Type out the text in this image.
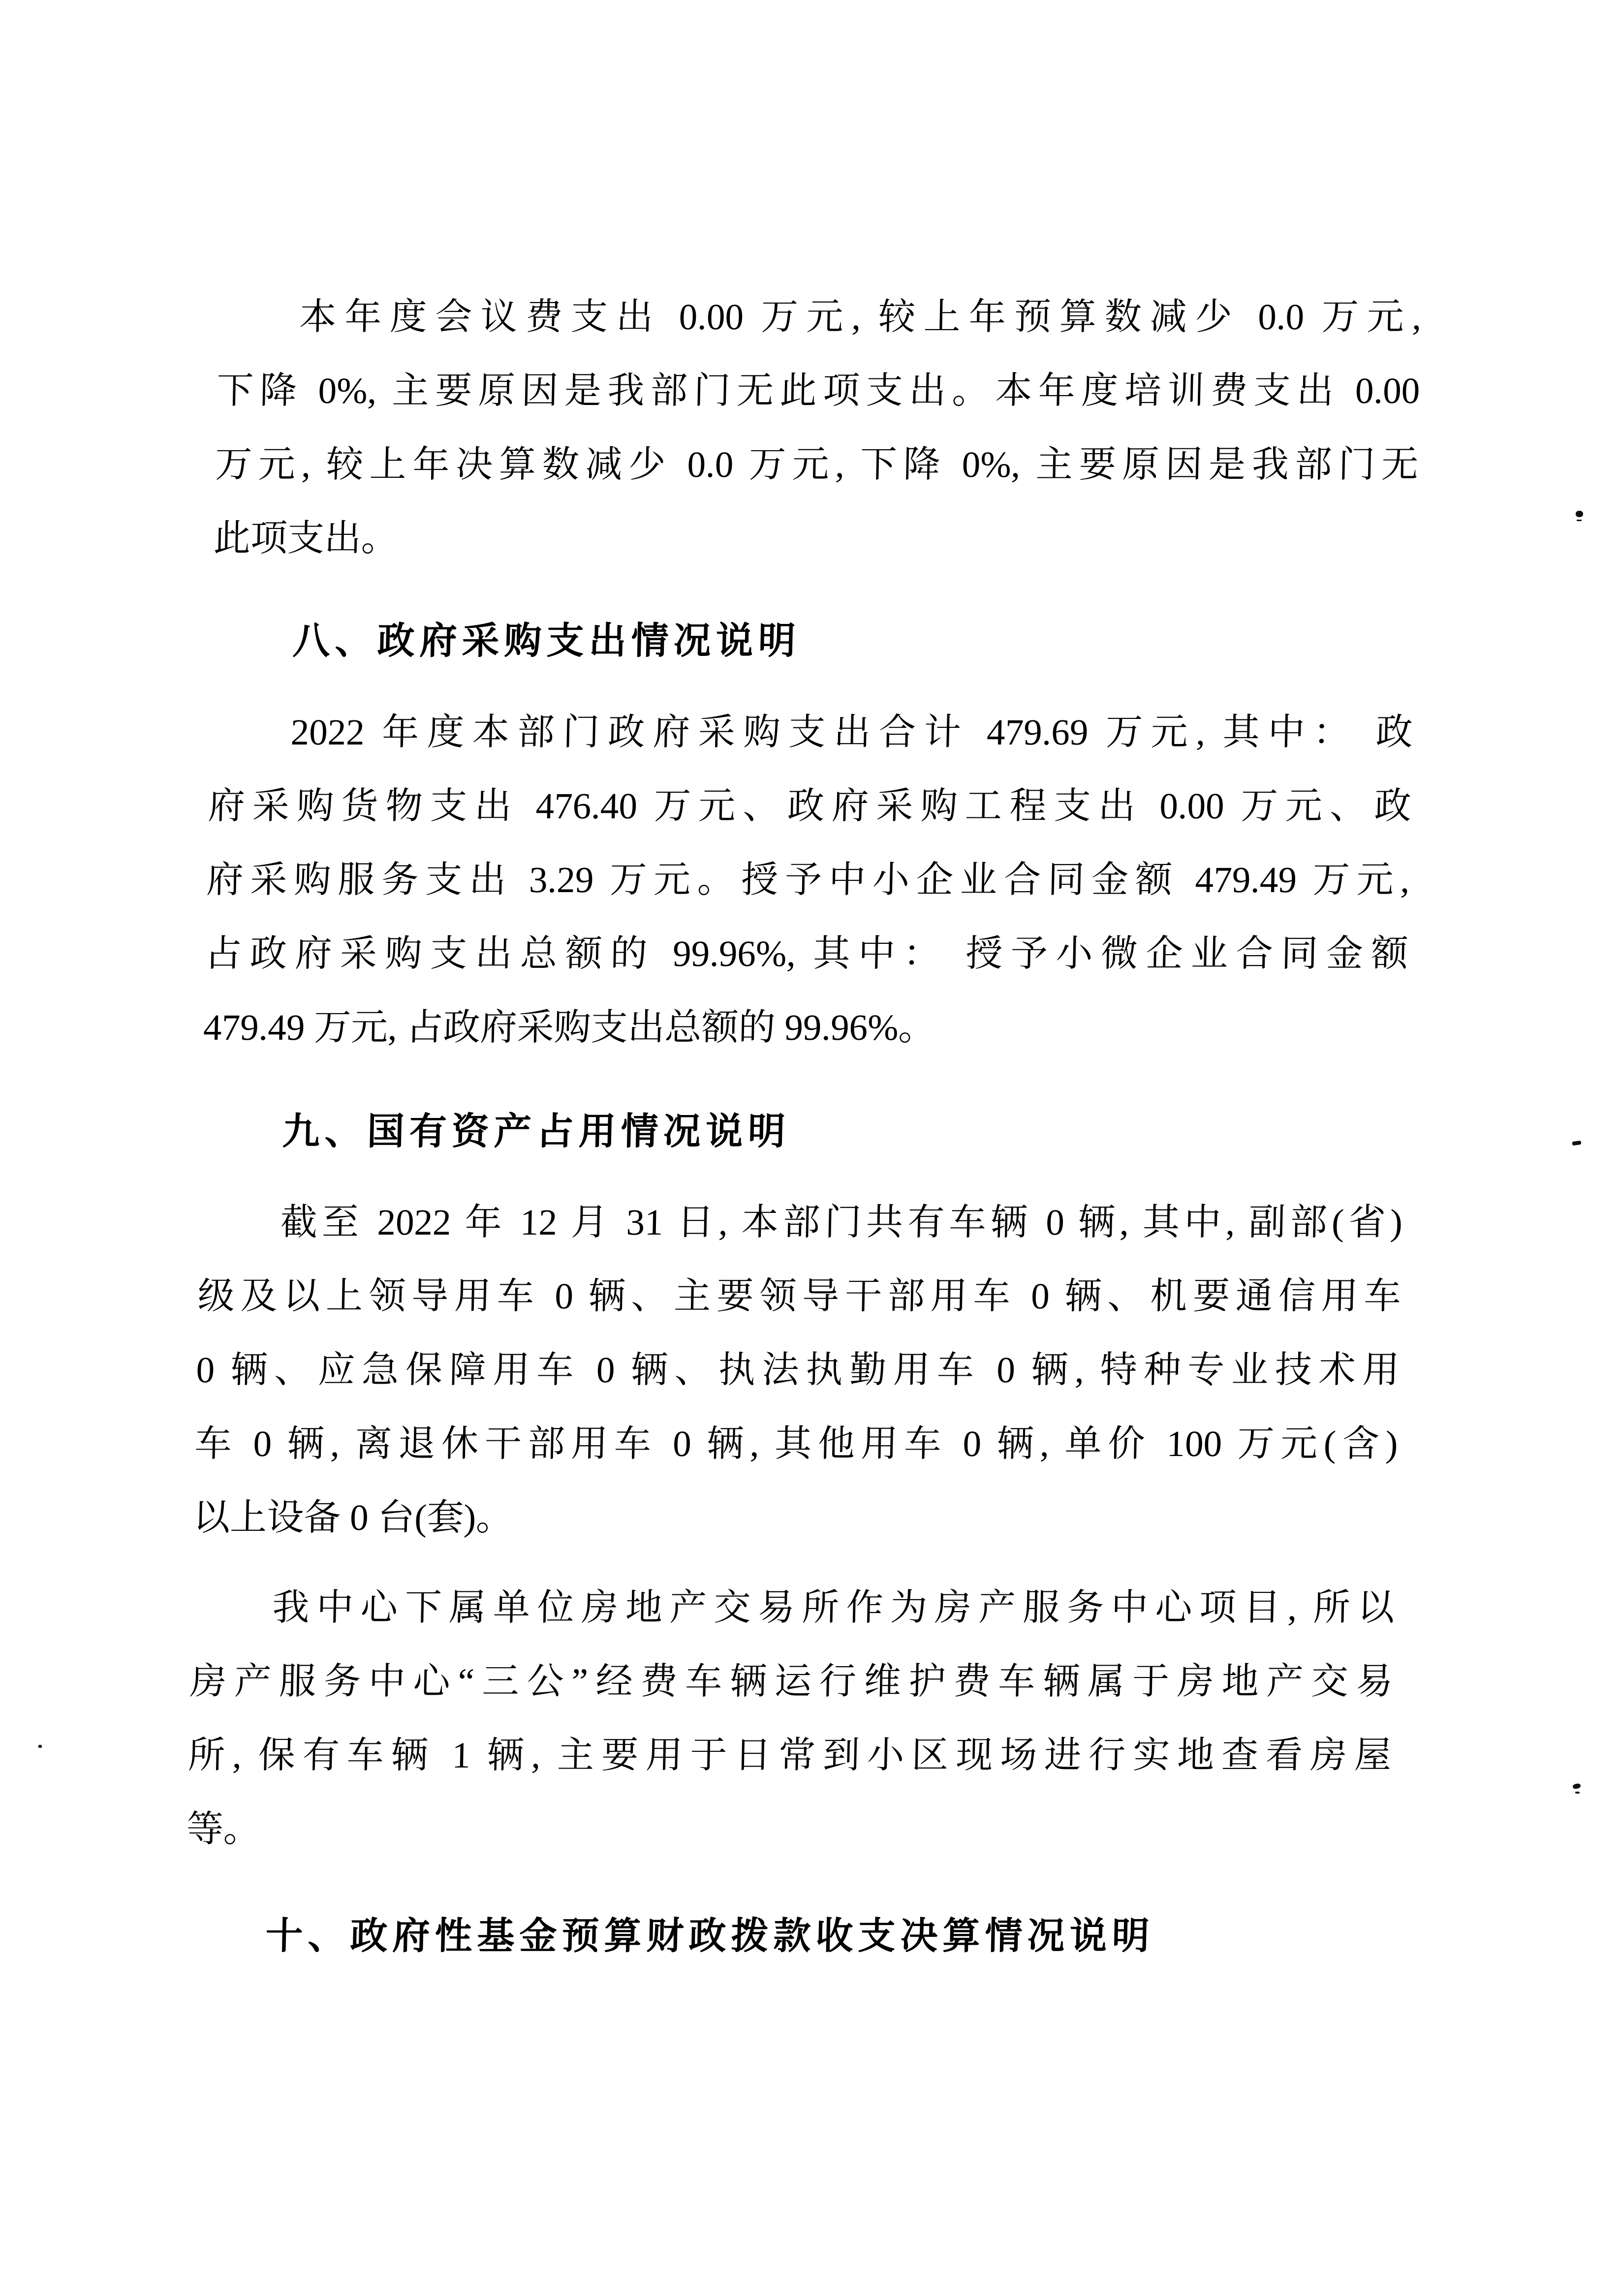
本年度会议费支出 0.00 万元, 较上年预算数减少 0.0 万元,
下降 0%, 主要原因是我部门无此项支出。本年度培训费支出 0.00
万元, 较上年决算数减少 0.0 万元, 下降 0%, 主要原因是我部门无
此项支出。
八、政府采购支出情况说明
2022 年度本部门政府采购支出合计 479.69 万元, 其中： 政
府采购货物支出 476.40 万元、政府采购工程支出 0.00 万元、政
府采购服务支出 3.29 万元。授予中小企业合同金额 479.49 万元,
占政府采购支出总额的 99.96%, 其中： 授予小微企业合同金额
479.49 万元, 占政府采购支出总额的 99.96%。
九、国有资产占用情况说明
截至 2022 年 12 月 31 日, 本部门共有车辆 0 辆, 其中, 副部(省)
级及以上领导用车 0 辆、主要领导干部用车 0 辆、机要通信用车
0 辆、应急保障用车 0 辆、执法执勤用车 0 辆, 特种专业技术用
车 0 辆, 离退休干部用车 0 辆, 其他用车 0 辆, 单价 100 万元(含)
以上设备 0 台(套)。
我中心下属单位房地产交易所作为房产服务中心项目, 所以
房产服务中心“三公”经费车辆运行维护费车辆属于房地产交易
所, 保有车辆 1 辆, 主要用于日常到小区现场进行实地查看房屋
等。
十、政府性基金预算财政拨款收支决算情况说明
